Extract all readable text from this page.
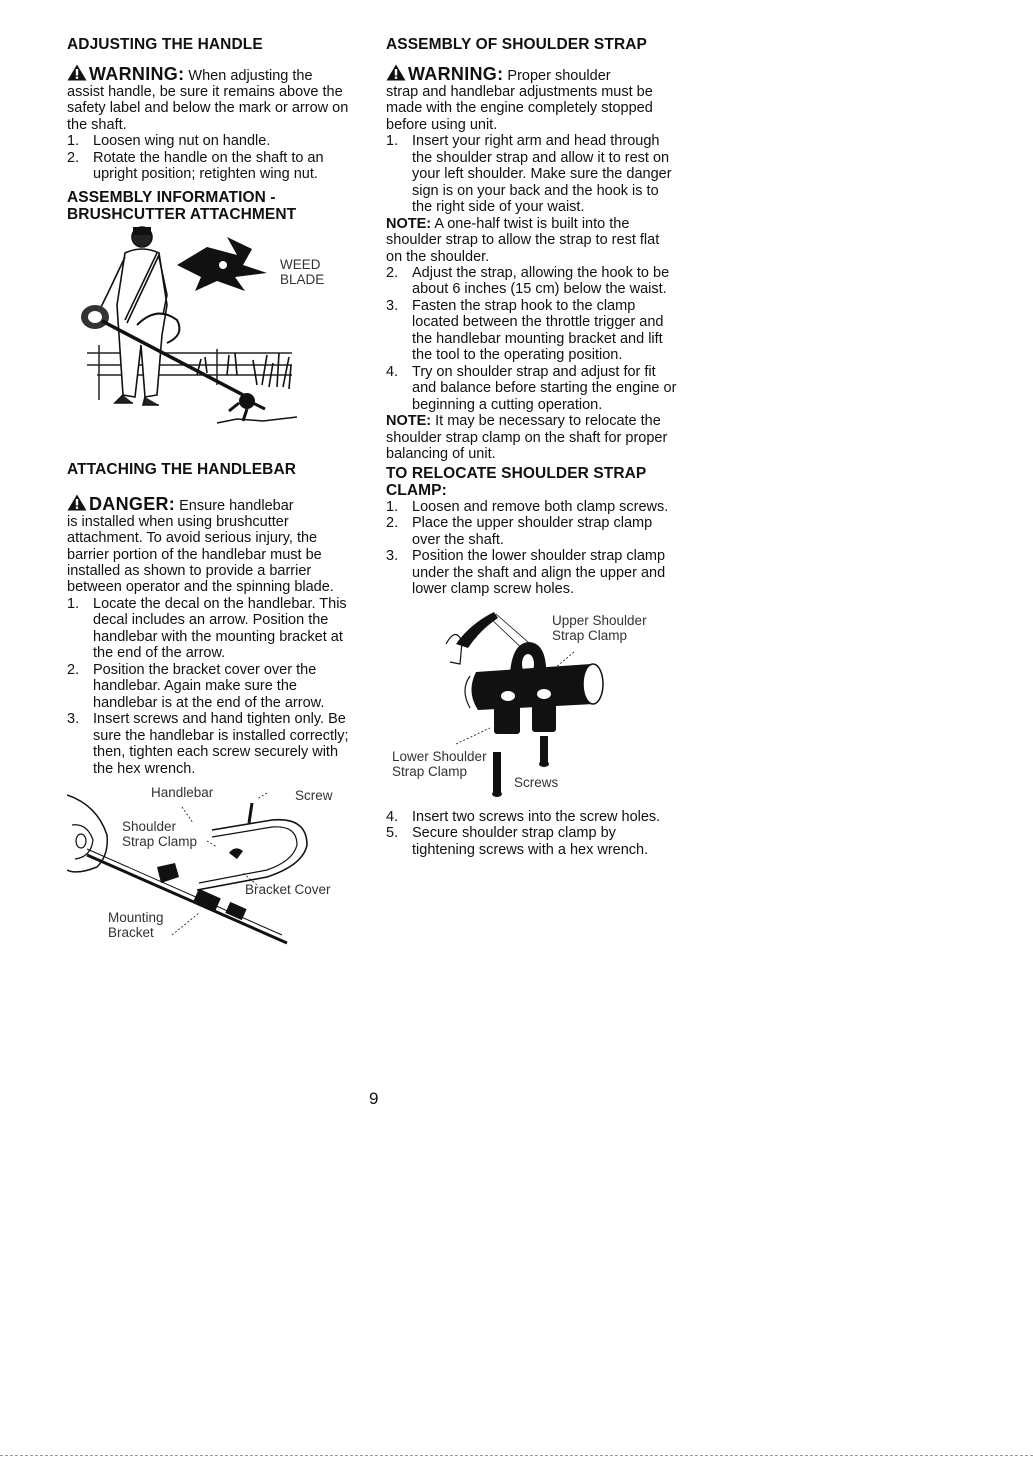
ADJUSTING THE HANDLE
WARNING: When adjusting the

assist handle, be sure it remains above the safety label and below the mark or arrow on the shaft.

1. Loosen wing nut on handle.
2. Rotate the handle on the shaft to an upright position; retighten wing nut.
ASSEMBLY INFORMATION -
BRUSHCUTTER ATTACHMENT
WEED
BLADE
ATTACHING THE HANDLEBAR
DANGER: Ensure handlebar

is installed when using brushcutter attachment. To avoid serious injury, the barrier portion of the handlebar must be installed as shown to provide a barrier between operator and the spinning blade.

1. Locate the decal on the handlebar. This decal includes an arrow. Position the handlebar with the mounting bracket at the end of the arrow.
2. Position the bracket cover over the handlebar. Again make sure the handlebar is at the end of the arrow.
3. Insert screws and hand tighten only. Be sure the handlebar is installed correctly; then, tighten each screw securely with the hex wrench.
Handlebar	Screw
Shoulder
Strap Clamp
Bracket Cover
Mounting
Bracket
ASSEMBLY OF SHOULDER STRAP
WARNING: Proper shoulder

strap and handlebar adjustments must be made with the engine completely stopped before using unit.

1. Insert your right arm and head through the shoulder strap and allow it to rest on your left shoulder. Make sure the danger sign is on your back and the hook is to the right side of your waist.

NOTE: A one-half twist is built into the shoulder strap to allow the strap to rest flat on the shoulder.

2. Adjust the strap, allowing the hook to be about 6 inches (15 cm) below the waist.
3. Fasten the strap hook to the clamp located between the throttle trigger and the handlebar mounting bracket and lift the tool to the operating position.
4. Try on shoulder strap and adjust for fit and balance before starting the engine or beginning a cutting operation.

NOTE: It may be necessary to relocate the shoulder strap clamp on the shaft for proper balancing of unit.

TO RELOCATE SHOULDER STRAP
CLAMP:
1. Loosen and remove both clamp screws.
2. Place the upper shoulder strap clamp over the shaft.
3. Position the lower shoulder strap clamp under the shaft and align the upper and lower clamp screw holes.
Upper Shoulder
Strap Clamp
Lower Shoulder
Strap Clamp
Screws
4. Insert two screws into the screw holes.
5. Secure shoulder strap clamp by tightening screws with a hex wrench.
9
